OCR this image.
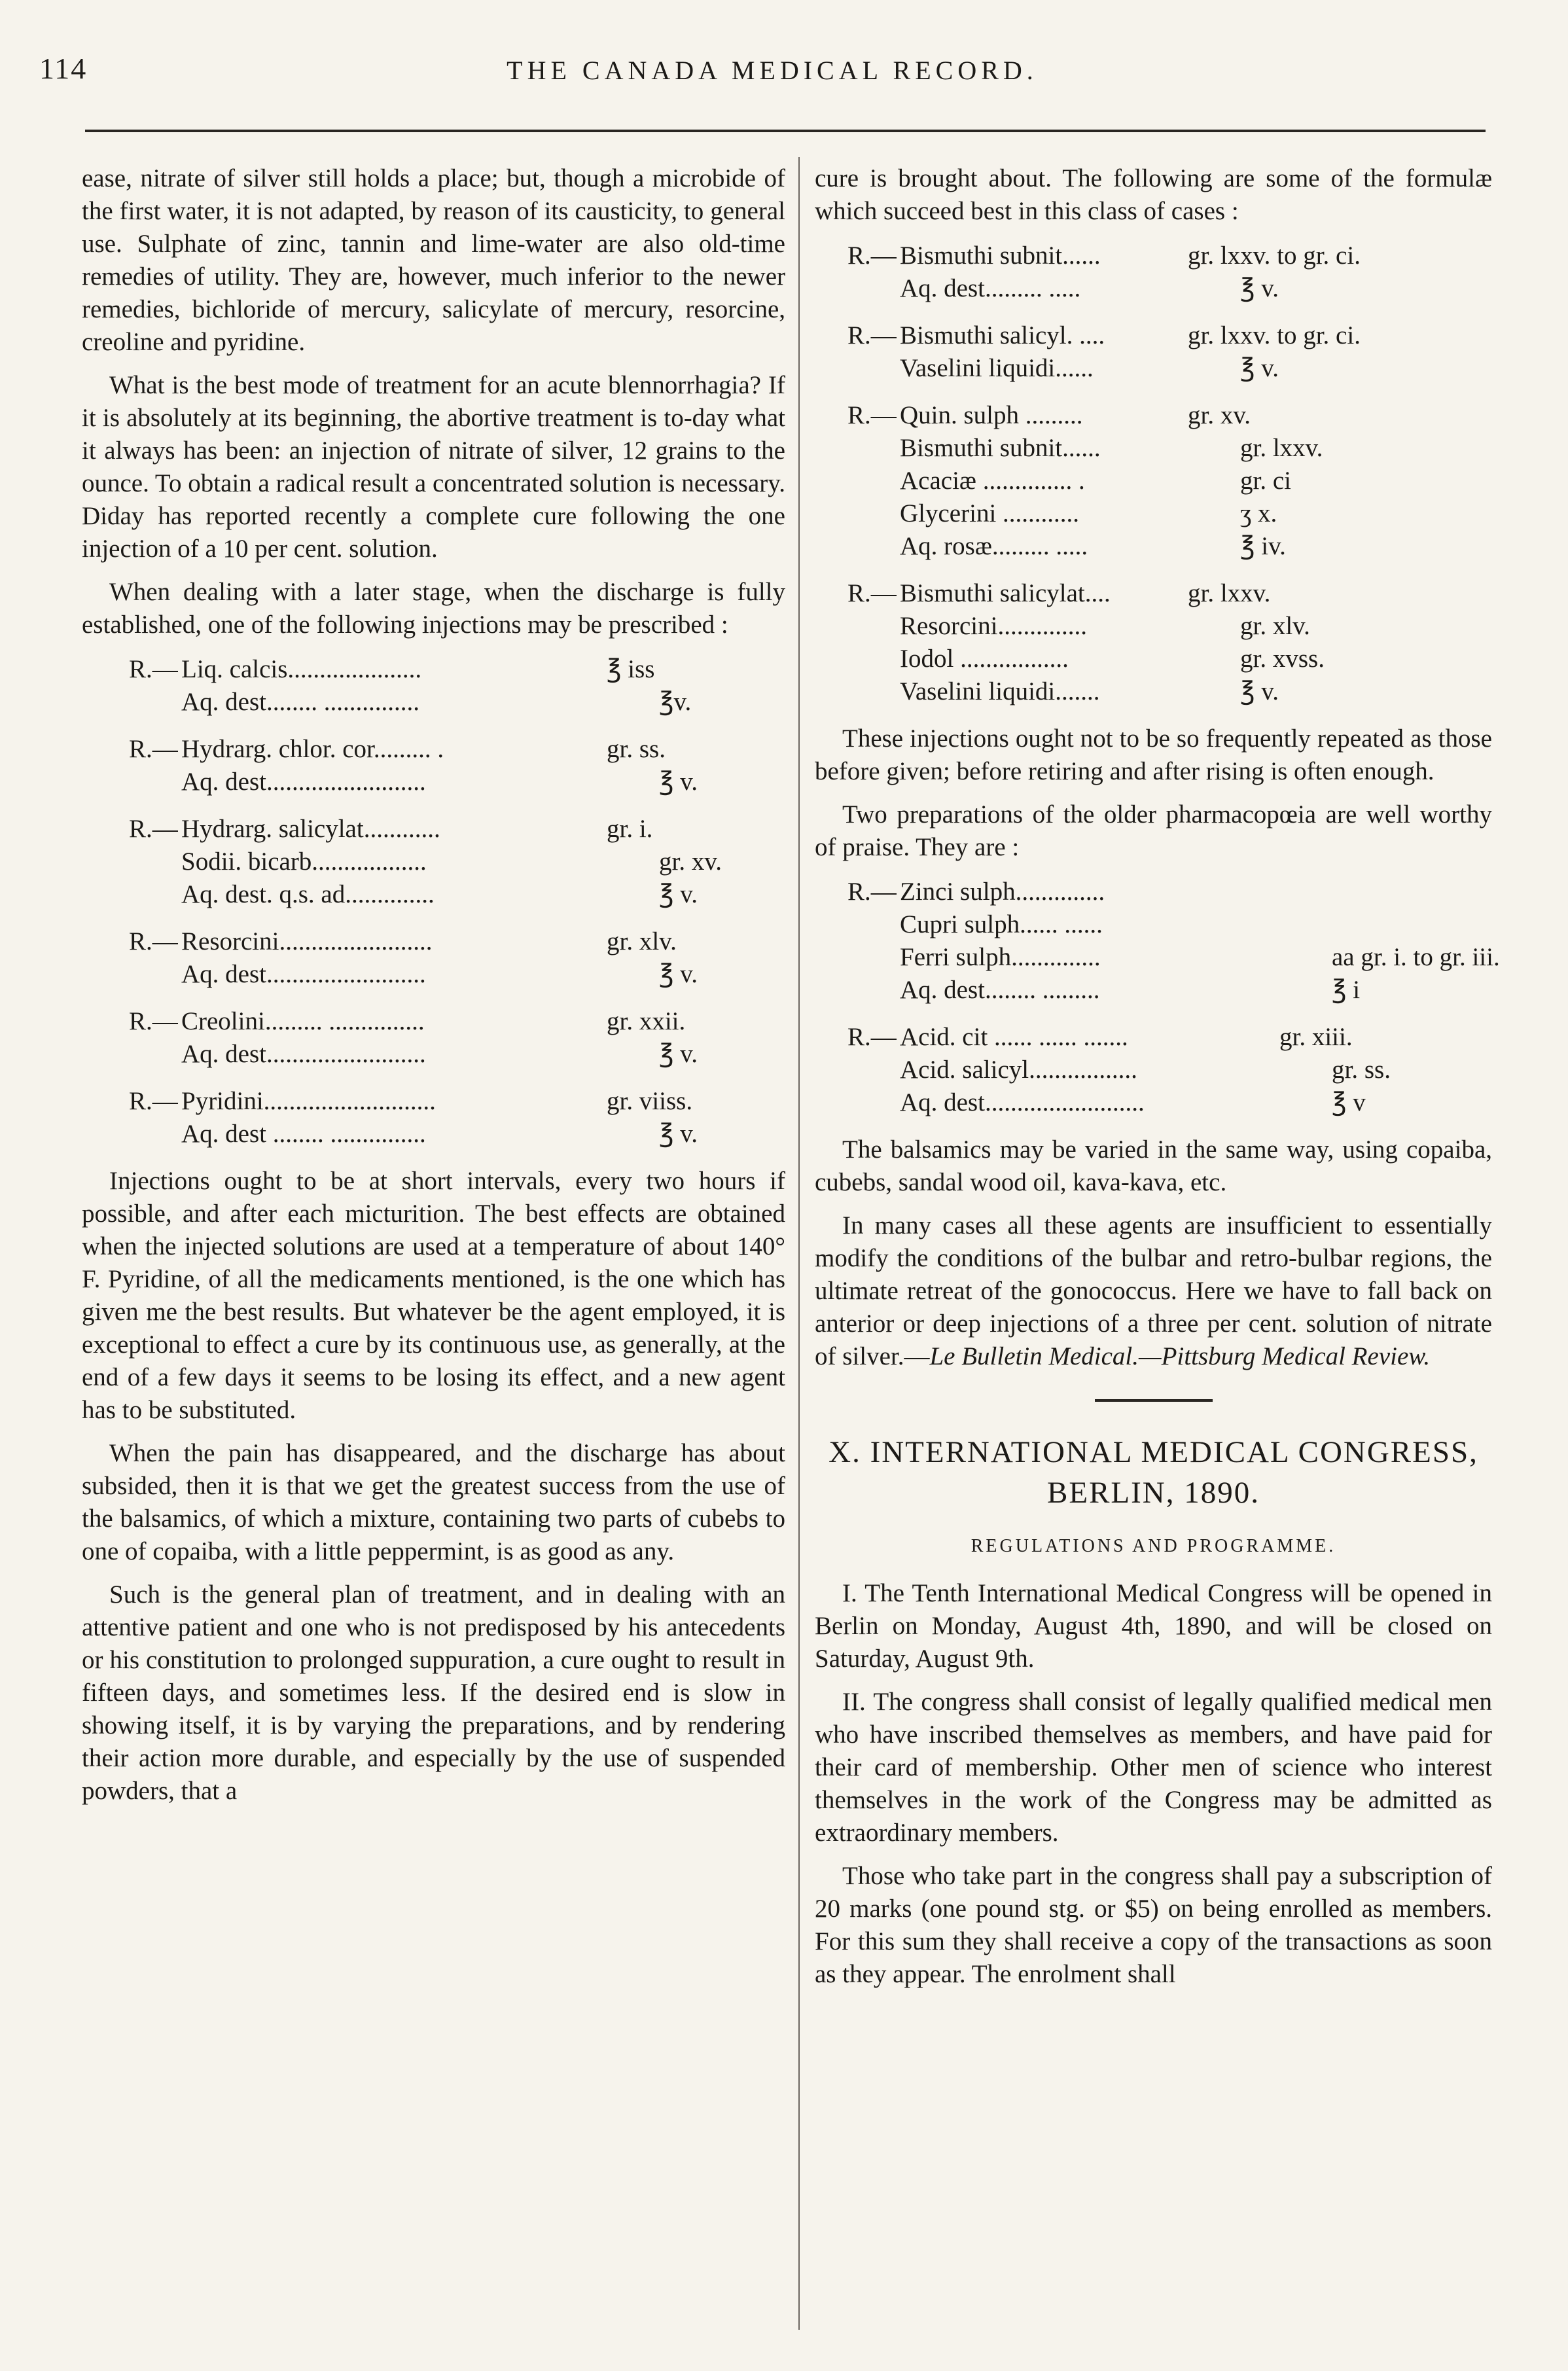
114	THE CANADA MEDICAL RECORD.

ease, nitrate of silver still holds a place; but, though a microbide of the first water, it is not adapted, by reason of its causticity, to general use. Sulphate of zinc, tannin and lime-water are also old-time remedies of utility. They are, however, much inferior to the newer remedies, bichloride of mercury, salicylate of mercury, resorcine, creoline and pyridine.

What is the best mode of treatment for an acute blennorrhagia? If it is absolutely at its beginning, the abortive treatment is to-day what it always has been: an injection of nitrate of silver, 12 grains to the ounce. To obtain a radical result a concentrated solution is necessary. Diday has reported recently a complete cure following the one injection of a 10 per cent. solution.

When dealing with a later stage, when the discharge is fully established, one of the following injections may be prescribed :

R.— Liq. calcis.....................	℥ iss
Aq. dest........ ...............	℥v.
R.— Hydrarg. chlor. cor......... .	gr. ss.
Aq. dest.........................	℥ v.
R.— Hydrarg. salicylat............	gr. i.
Sodii. bicarb..................	gr. xv.
Aq. dest. q.s. ad..............	℥ v.
R.— Resorcini........................	gr. xlv.
Aq. dest.........................	℥ v.
R.— Creolini......... ...............	gr. xxii.
Aq. dest.........................	℥ v.
R.— Pyridini...........................	gr. viiss.
Aq. dest ........ ...............	℥ v.

Injections ought to be at short intervals, every two hours if possible, and after each micturition. The best effects are obtained when the injected solutions are used at a temperature of about 140° F. Pyridine, of all the medicaments mentioned, is the one which has given me the best results. But whatever be the agent employed, it is exceptional to effect a cure by its continuous use, as generally, at the end of a few days it seems to be losing its effect, and a new agent has to be substituted.

When the pain has disappeared, and the discharge has about subsided, then it is that we get the greatest success from the use of the balsamics, of which a mixture, containing two parts of cubebs to one of copaiba, with a little peppermint, is as good as any.

Such is the general plan of treatment, and in dealing with an attentive patient and one who is not predisposed by his antecedents or his constitution to prolonged suppuration, a cure ought to result in fifteen days, and sometimes less. If the desired end is slow in showing itself, it is by varying the preparations, and by rendering their action more durable, and especially by the use of suspended powders, that a

cure is brought about. The following are some of the formulæ which succeed best in this class of cases :

R.— Bismuthi subnit......	gr. lxxv. to gr. ci.
Aq. dest......... .....	℥ v.
R.— Bismuthi salicyl. ....	gr. lxxv. to gr. ci.
Vaselini liquidi......	℥ v.
R.— Quin. sulph .........	gr. xv.
Bismuthi subnit......	gr. lxxv.
Acaciæ .............. .	gr. ci
Glycerini ............	ʒ x.
Aq. rosæ......... .....	℥ iv.
R.— Bismuthi salicylat....	gr. lxxv.
Resorcini..............	gr. xlv.
Iodol .................	gr. xvss.
Vaselini liquidi.......	℥ v.

These injections ought not to be so frequently repeated as those before given; before retiring and after rising is often enough.

Two preparations of the older pharmacopœia are well worthy of praise. They are :

R.— Zinci sulph..............
Cupri sulph...... ......
Ferri sulph..............	aa gr. i. to gr. iii.
Aq. dest........ .........	℥ i
R.— Acid. cit ...... ...... .......	gr. xiii.
Acid. salicyl.................	gr. ss.
Aq. dest.........................	℥ v

The balsamics may be varied in the same way, using copaiba, cubebs, sandal wood oil, kava-kava, etc.

In many cases all these agents are insufficient to essentially modify the conditions of the bulbar and retro-bulbar regions, the ultimate retreat of the gonococcus. Here we have to fall back on anterior or deep injections of a three per cent. solution of nitrate of silver.—Le Bulletin Medical.—Pittsburg Medical Review.

X. INTERNATIONAL MEDICAL CONGRESS, BERLIN, 1890.
REGULATIONS AND PROGRAMME.

I. The Tenth International Medical Congress will be opened in Berlin on Monday, August 4th, 1890, and will be closed on Saturday, August 9th.

II. The congress shall consist of legally qualified medical men who have inscribed themselves as members, and have paid for their card of membership. Other men of science who interest themselves in the work of the Congress may be admitted as extraordinary members.

Those who take part in the congress shall pay a subscription of 20 marks (one pound stg. or $5) on being enrolled as members. For this sum they shall receive a copy of the transactions as soon as they appear. The enrolment shall
